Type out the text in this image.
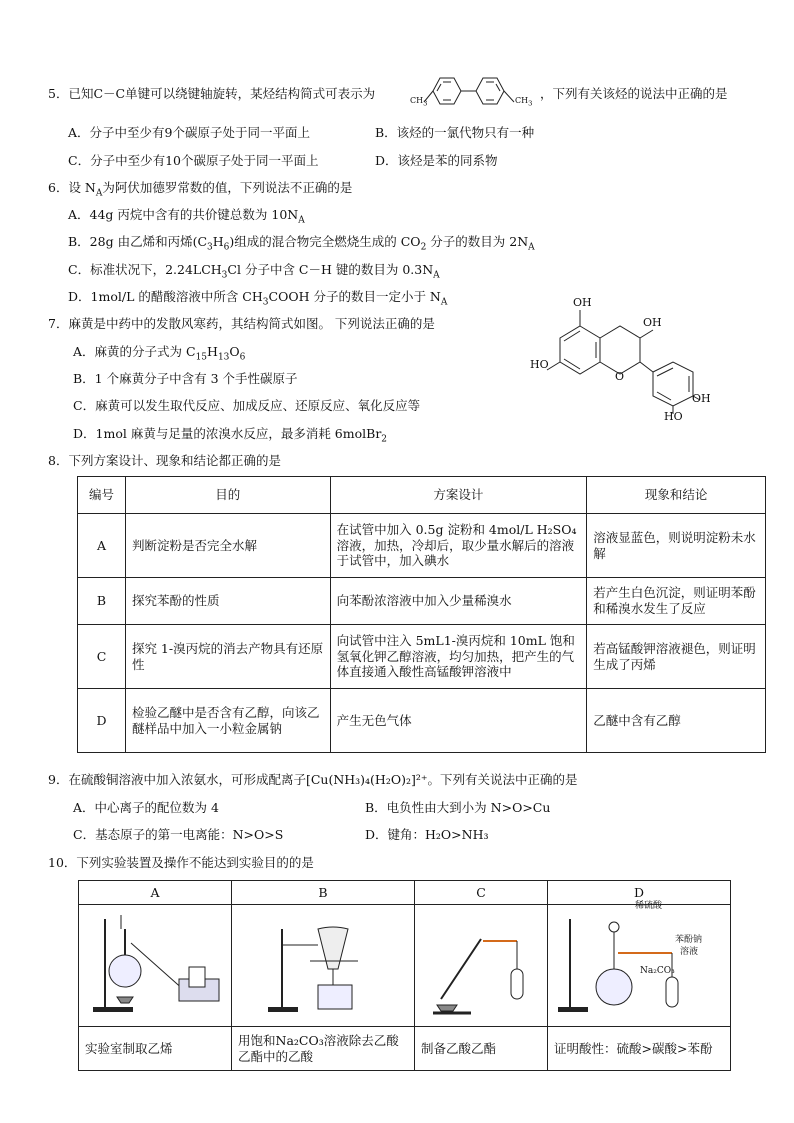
5．已知C－C单键可以绕键轴旋转，某烃结构简式可表示为	$CH_3$	$CH_3$
，下列有关该烃的说法中正确的是
A．分子中至少有9个碳原子处于同一平面上	B．该烃的一氯代物只有一种
C．分子中至少有10个碳原子处于同一平面上	D．该烃是苯的同系物
6．设 $N_A$为阿伏加德罗常数的值，下列说法不正确的是
A．44g 丙烷中含有的共价键总数为 $10N_A$
B．28g 由乙烯和丙烯$(C_3H_6)$组成的混合物完全燃烧生成的 $CO_2$ 分子的数目为 $2N_A$
C．标准状况下，$2.24LCH_3Cl$ 分子中含 C－H 键的数目为 $0.3N_A$
D．1mol/L 的醋酸溶液中所含 $CH_3COOH$ 分子的数目一定小于 $N_A$
7．麻黄是中药中的发散风寒药，其结构简式如图。 下列说法正确的是
A．麻黄的分子式为 $C_{15}H_{13}O_6$
B．1 个麻黄分子中含有 3 个手性碳原子
C．麻黄可以发生取代反应、加成反应、还原反应、氧化反应等
D．1mol 麻黄与足量的浓溴水反应，最多消耗 6molBr$_2$
OH
OH
HO
OH
HO
O
8．下列方案设计、现象和结论都正确的是
编号	目的	方案设计	现象和结论
A	判断淀粉是否完全水解	在试管中加入 0.5g 淀粉和 4mol/L H₂SO₄ 溶液，加热，冷却后，取少量水解后的溶液于试管中，加入碘水	溶液显蓝色，则说明淀粉未水解
B	探究苯酚的性质	向苯酚浓溶液中加入少量稀溴水	若产生白色沉淀，则证明苯酚和稀溴水发生了反应
C	探究 1-溴丙烷的消去产物具有还原性	向试管中注入 5mL1-溴丙烷和 10mL 饱和氢氧化钾乙醇溶液，均匀加热，把产生的气体直接通入酸性高锰酸钾溶液中	若高锰酸钾溶液褪色，则证明生成了丙烯
D	检验乙醚中是否含有乙醇，向该乙醚样品中加入一小粒金属钠	产生无色气体	乙醚中含有乙醇
9．在硫酸铜溶液中加入浓氨水，可形成配离子[Cu(NH₃)₄(H₂O)₂]²⁺。下列有关说法中正确的是
A．中心离子的配位数为 4	B．电负性由大到小为 N>O>Cu
C．基态原子的第一电离能：N>O>S	D．键角：H₂O>NH₃
10．下列实验装置及操作不能达到实验目的的是
A	B	C	D

实验室制取乙烯	用饱和Na₂CO₃溶液除去乙酸乙酯中的乙酸	制备乙酸乙酯	证明酸性：硫酸>碳酸>苯酚
稀硫酸
苯酚钠
溶液
Na₂CO₃
